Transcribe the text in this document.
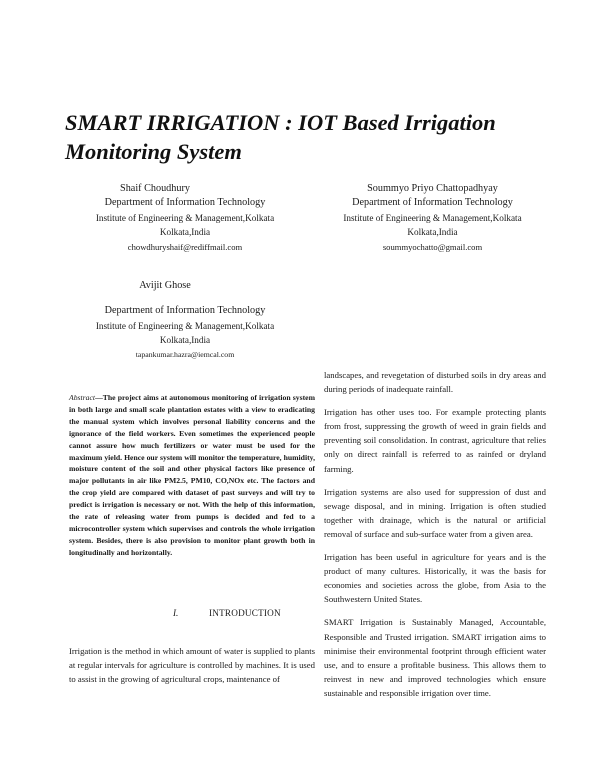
SMART IRRIGATION : IOT Based Irrigation Monitoring System
Shaif Choudhury
Department of Information Technology
Institute of Engineering & Management,Kolkata
Kolkata,India
chowdhuryshaif@rediffmail.com
Soummyo Priyo Chattopadhyay
Department of Information Technology
Institute of Engineering & Management,Kolkata
Kolkata,India
soummyochatto@gmail.com
Avijit Ghose
Department of Information Technology
Institute of Engineering & Management,Kolkata
Kolkata,India
tapankumar.hazra@iemcal.com
Abstract—The project aims at autonomous monitoring of irrigation system in both large and small scale plantation estates with a view to eradicating the manual system which involves personal liability concerns and the ignorance of the field workers. Even sometimes the experienced people cannot assure how much fertilizers or water must be used for the maximum yield. Hence our system will monitor the temperature, humidity, moisture content of the soil and other physical factors like presence of major pollutants in air like PM2.5, PM10, CO,NOx etc. The factors and the crop yield are compared with dataset of past surveys and will try to predict is irrigation is necessary or not. With the help of this information, the rate of releasing water from pumps is decided and fed to a microcontroller system which supervises and controls the whole irrigation system. Besides, there is also provision to monitor plant growth both in longitudinally and horizontally.
I.	INTRODUCTION

Irrigation is the method in which amount of water is supplied to plants at regular intervals for agriculture is controlled by machines. It is used to assist in the growing of agricultural crops, maintenance of

landscapes, and revegetation of disturbed soils in dry areas and during periods of inadequate rainfall.

Irrigation has other uses too. For example protecting plants from frost, suppressing the growth of weed in grain fields and preventing soil consolidation. In contrast, agriculture that relies only on direct rainfall is referred to as rainfed or dryland farming.

Irrigation systems are also used for suppression of dust and sewage disposal, and in mining. Irrigation is often studied together with drainage, which is the natural or artificial removal of surface and sub-surface water from a given area.

Irrigation has been useful in agriculture for years and is the product of many cultures. Historically, it was the basis for economies and societies across the globe, from Asia to the Southwestern United States.

SMART Irrigation is Sustainably Managed, Accountable, Responsible and Trusted irrigation. SMART irrigation aims to minimise their environmental footprint through efficient water use, and to ensure a profitable business. This allows them to reinvest in new and improved technologies which ensure sustainable and responsible irrigation over time.
